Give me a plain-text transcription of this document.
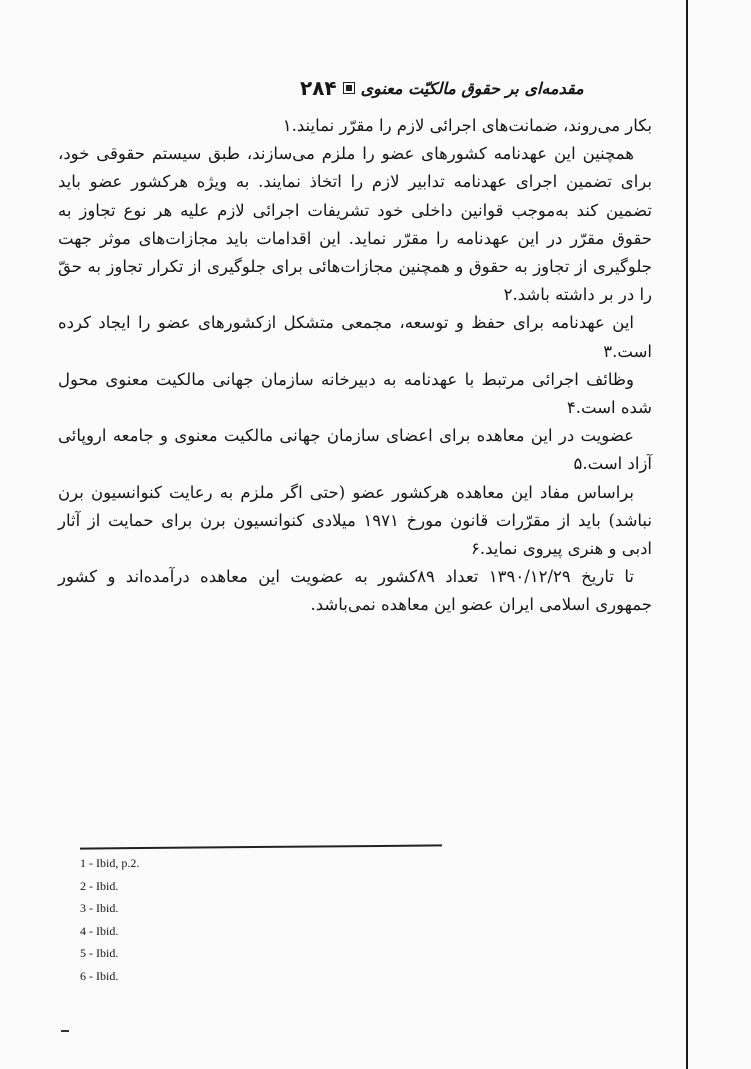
۲۸۴ مقدمه‌ای بر حقوق مالکیّت معنوی

بکار می‌روند، ضمانت‌های اجرائی لازم را مقرّر نمایند.۱

همچنین این عهدنامه کشورهای عضو را ملزم می‌سازند، طبق سیستم حقوقی خود، برای تضمین اجرای عهدنامه تدابیر لازم را اتخاذ نمایند. به ویژه هرکشور عضو باید تضمین کند به‌موجب قوانین داخلی خود تشریفات اجرائی لازم علیه هر نوع تجاوز به حقوق مقرّر در این عهدنامه را مقرّر نماید. این اقدامات باید مجازات‌های موثر جهت جلوگیری از تجاوز به حقوق و همچنین مجازات‌هائی برای جلوگیری از تکرار تجاوز به حقّ را در بر داشته باشد.۲

این عهدنامه برای حفظ و توسعه، مجمعی متشکل ازکشورهای عضو را ایجاد کرده است.۳

وظائف اجرائی مرتبط با عهدنامه به دبیرخانه سازمان جهانی مالکیت معنوی محول شده است.۴

عضویت در این معاهده برای اعضای سازمان جهانی مالکیت معنوی و جامعه اروپائی آزاد است.۵

براساس مفاد این معاهده هرکشور عضو (حتی اگر ملزم به رعایت کنوانسیون برن نباشد) باید از مقرّرات قانون مورخ ۱۹۷۱ میلادی کنوانسیون برن برای حمایت از آثار ادبی و هنری پیروی نماید.۶

تا تاریخ ۱۳۹۰/۱۲/۲۹ تعداد ۸۹کشور به عضویت این معاهده درآمده‌اند و کشور جمهوری اسلامی ایران عضو این معاهده نمی‌باشد.

1 - Ibid, p.2.
2 - Ibid.
3 - Ibid.
4 - Ibid.
5 - Ibid.
6 - Ibid.
